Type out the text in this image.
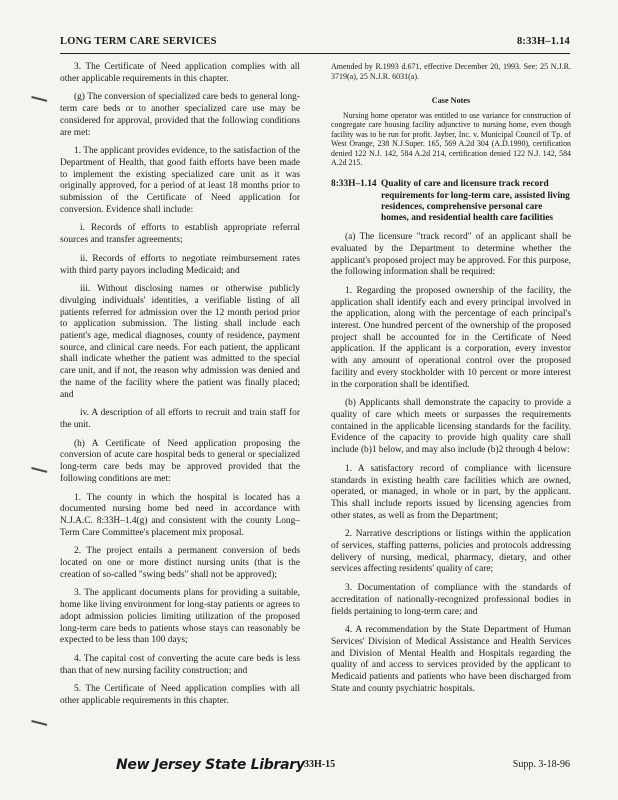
LONG TERM CARE SERVICES	8:33H–1.14

3. The Certificate of Need application complies with all other applicable requirements in this chapter.

(g) The conversion of specialized care beds to general long-term care beds or to another specialized care use may be considered for approval, provided that the following conditions are met:

1. The applicant provides evidence, to the satisfaction of the Department of Health, that good faith efforts have been made to implement the existing specialized care unit as it was originally approved, for a period of at least 18 months prior to submission of the Certificate of Need application for conversion. Evidence shall include:

i. Records of efforts to establish appropriate referral sources and transfer agreements;

ii. Records of efforts to negotiate reimbursement rates with third party payors including Medicaid; and

iii. Without disclosing names or otherwise publicly divulging individuals' identities, a verifiable listing of all patients referred for admission over the 12 month period prior to application submission. The listing shall include each patient's age, medical diagnoses, county of residence, payment source, and clinical care needs. For each patient, the applicant shall indicate whether the patient was admitted to the special care unit, and if not, the reason why admission was denied and the name of the facility where the patient was finally placed; and

iv. A description of all efforts to recruit and train staff for the unit.

(h) A Certificate of Need application proposing the conversion of acute care hospital beds to general or specialized long-term care beds may be approved provided that the following conditions are met:

1. The county in which the hospital is located has a documented nursing home bed need in accordance with N.J.A.C. 8:33H–1.4(g) and consistent with the county Long–Term Care Committee's placement mix proposal.

2. The project entails a permanent conversion of beds located on one or more distinct nursing units (that is the creation of so-called "swing beds" shall not be approved);

3. The applicant documents plans for providing a suitable, home like living environment for long-stay patients or agrees to adopt admission policies limiting utilization of the proposed long-term care beds to patients whose stays can reasonably be expected to be less than 100 days;

4. The capital cost of converting the acute care beds is less than that of new nursing facility construction; and

5. The Certificate of Need application complies with all other applicable requirements in this chapter.

Amended by R.1993 d.671, effective December 20, 1993. See: 25 N.J.R. 3719(a), 25 N.J.R. 6031(a).

Case Notes

Nursing home operator was entitled to use variance for construction of congregate care housing facility adjunctive to nursing home, even though facility was to be run for profit. Jayber, Inc. v. Municipal Council of Tp. of West Orange, 238 N.J.Super. 165, 569 A.2d 304 (A.D.1990), certification denied 122 N.J. 142, 584 A.2d 214, certification denied 122 N.J. 142, 584 A.2d 215.

8:33H–1.14 Quality of care and licensure track record requirements for long-term care, assisted living residences, comprehensive personal care homes, and residential health care facilities

(a) The licensure "track record" of an applicant shall be evaluated by the Department to determine whether the applicant's proposed project may be approved. For this purpose, the following information shall be required:

1. Regarding the proposed ownership of the facility, the application shall identify each and every principal involved in the application, along with the percentage of each principal's interest. One hundred percent of the ownership of the proposed project shall be accounted for in the Certificate of Need application. If the applicant is a corporation, every investor with any amount of operational control over the proposed facility and every stockholder with 10 percent or more interest in the corporation shall be identified.

(b) Applicants shall demonstrate the capacity to provide a quality of care which meets or surpasses the requirements contained in the applicable licensing standards for the facility. Evidence of the capacity to provide high quality care shall include (b)1 below, and may also include (b)2 through 4 below:

1. A satisfactory record of compliance with licensure standards in existing health care facilities which are owned, operated, or managed, in whole or in part, by the applicant. This shall include reports issued by licensing agencies from other states, as well as from the Department;

2. Narrative descriptions or listings within the application of services, staffing patterns, policies and protocols addressing delivery of nursing, medical, pharmacy, dietary, and other services affecting residents' quality of care;

3. Documentation of compliance with the standards of accreditation of nationally-recognized professional bodies in fields pertaining to long-term care; and

4. A recommendation by the State Department of Human Services' Division of Medical Assistance and Health Services and Division of Mental Health and Hospitals regarding the quality of and access to services provided by the applicant to Medicaid patients and patients who have been discharged from State and county psychiatric hospitals.

New Jersey State Library 33H-15	Supp. 3-18-96
